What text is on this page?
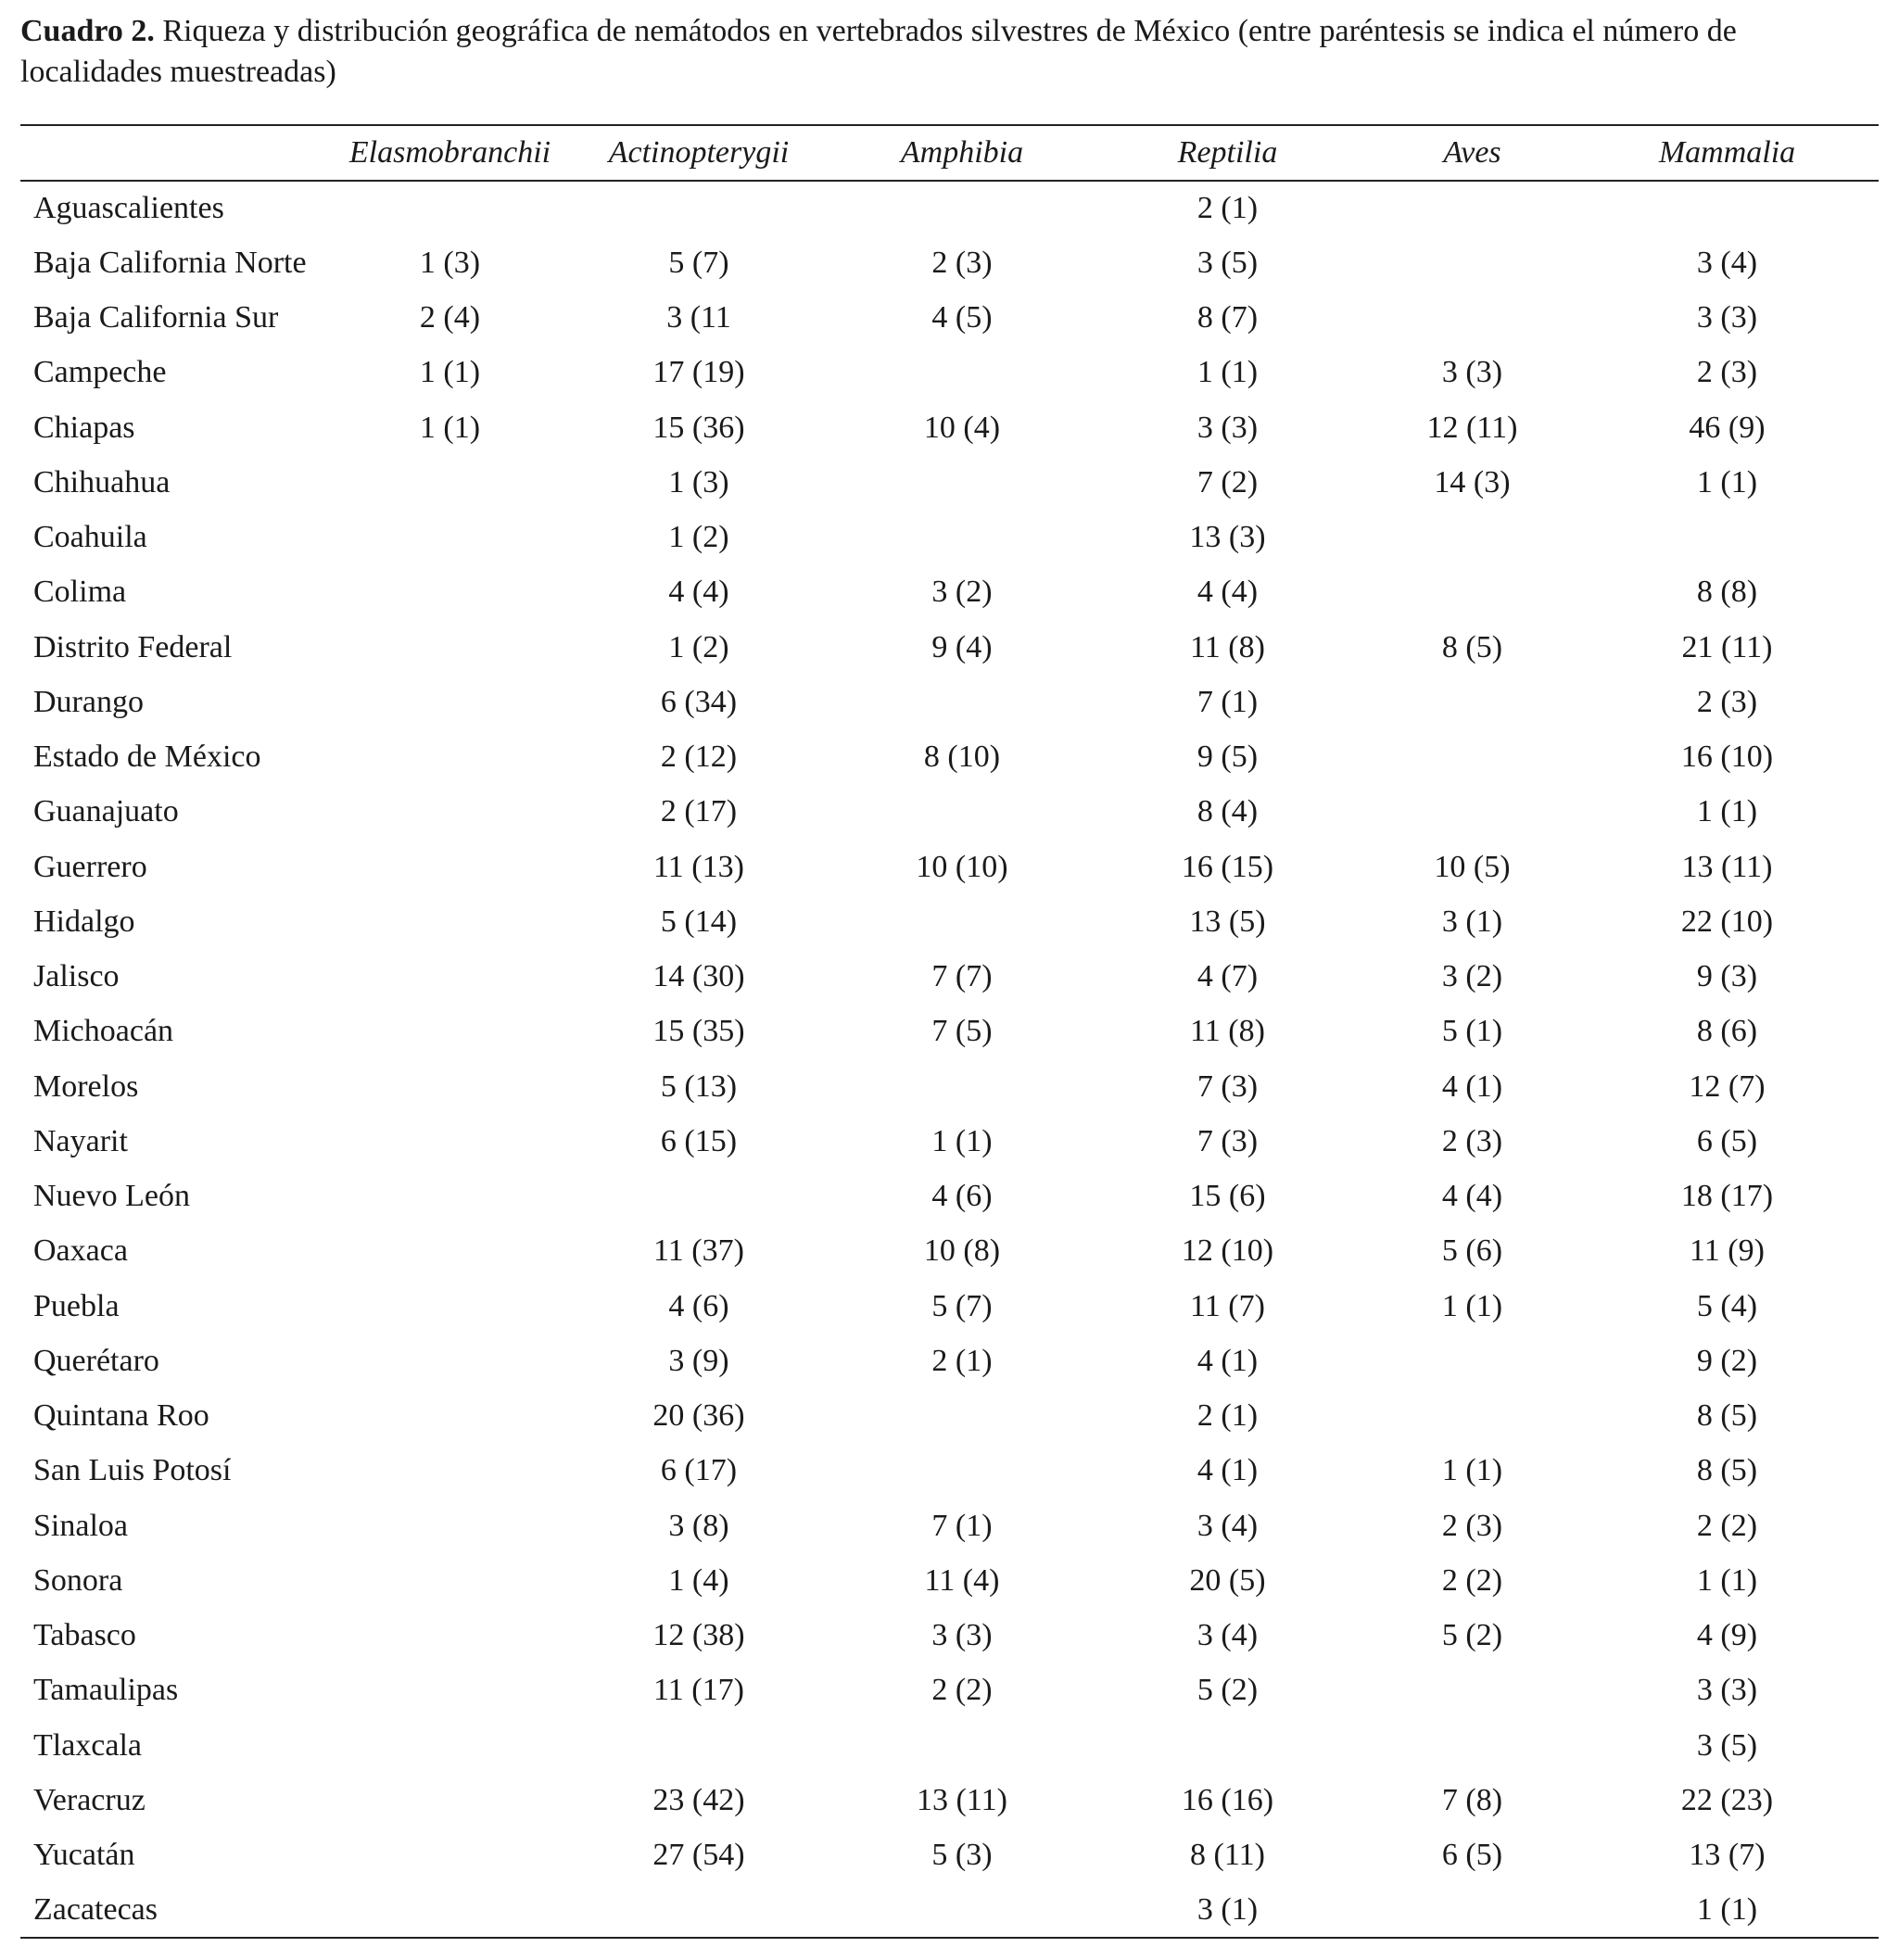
Cuadro 2. Riqueza y distribución geográfica de nemátodos en vertebrados silvestres de México (entre paréntesis se indica el número de localidades muestreadas)
	Elasmobranchii	Actinopterygii	Amphibia	Reptilia	Aves	Mammalia
Aguascalientes				2 (1)		
Baja California Norte	1 (3)	5 (7)	2 (3)	3 (5)		3 (4)
Baja California Sur	2 (4)	3 (11	4 (5)	8 (7)		3 (3)
Campeche	1 (1)	17 (19)		1 (1)	3 (3)	2 (3)
Chiapas	1 (1)	15 (36)	10 (4)	3 (3)	12 (11)	46 (9)
Chihuahua		1 (3)		7 (2)	14 (3)	1 (1)
Coahuila		1 (2)		13 (3)		
Colima		4 (4)	3 (2)	4 (4)		8 (8)
Distrito Federal		1 (2)	9 (4)	11 (8)	8 (5)	21 (11)
Durango		6 (34)		7 (1)		2 (3)
Estado de México		2 (12)	8 (10)	9 (5)		16 (10)
Guanajuato		2 (17)		8 (4)		1 (1)
Guerrero		11 (13)	10 (10)	16 (15)	10 (5)	13 (11)
Hidalgo		5 (14)		13 (5)	3 (1)	22 (10)
Jalisco		14 (30)	7 (7)	4 (7)	3 (2)	9 (3)
Michoacán		15 (35)	7 (5)	11 (8)	5 (1)	8 (6)
Morelos		5 (13)		7 (3)	4 (1)	12 (7)
Nayarit		6 (15)	1 (1)	7 (3)	2 (3)	6 (5)
Nuevo León			4 (6)	15 (6)	4 (4)	18 (17)
Oaxaca		11 (37)	10 (8)	12 (10)	5 (6)	11 (9)
Puebla		4 (6)	5 (7)	11 (7)	1 (1)	5 (4)
Querétaro		3 (9)	2 (1)	4 (1)		9 (2)
Quintana Roo		20 (36)		2 (1)		8 (5)
San Luis Potosí		6 (17)		4 (1)	1 (1)	8 (5)
Sinaloa		3 (8)	7 (1)	3 (4)	2 (3)	2 (2)
Sonora		1 (4)	11 (4)	20 (5)	2 (2)	1 (1)
Tabasco		12 (38)	3 (3)	3 (4)	5 (2)	4 (9)
Tamaulipas		11 (17)	2 (2)	5 (2)		3 (3)
Tlaxcala						3 (5)
Veracruz		23 (42)	13 (11)	16 (16)	7 (8)	22 (23)
Yucatán		27 (54)	5 (3)	8 (11)	6 (5)	13 (7)
Zacatecas				3 (1)		1 (1)
